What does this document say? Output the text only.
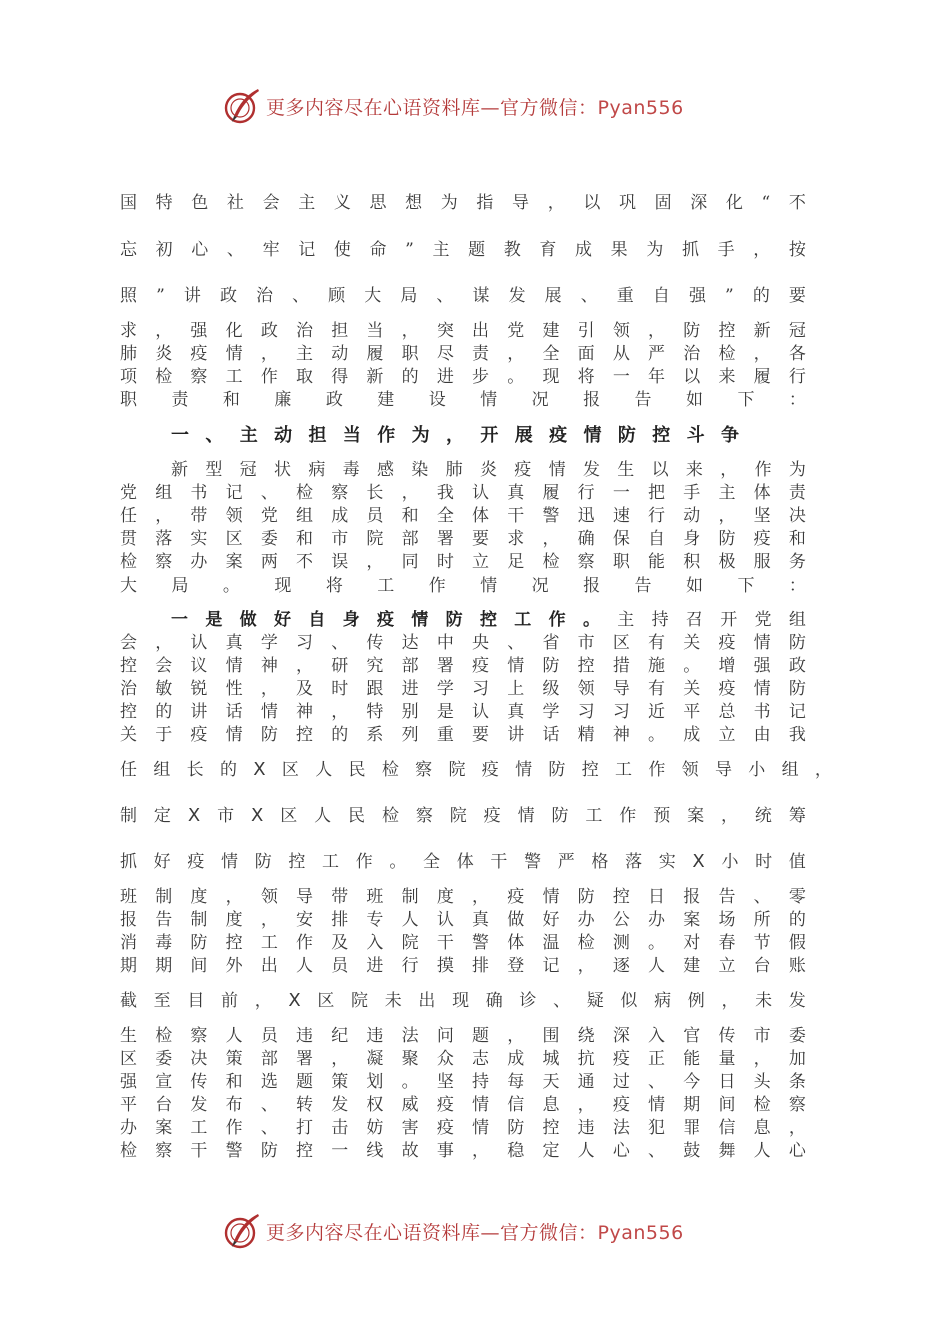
更多内容尽在心语资料库—官方微信：Pyan556
国 特 色 社 会 主 义 思 想 为 指 导 ， 以 巩 固 深 化 “ 不
忘 初 心 、 牢 记 使 命 ” 主 题 教 育 成 果 为 抓 手 ， 按
照 ” 讲 政 治 、 顾 大 局 、 谋 发 展 、 重 自 强 ” 的 要
求 ， 强 化 政 治 担 当 ， 突 出 党 建 引 领 ， 防 控 新 冠
肺 炎 疫 情 ， 主 动 履 职 尽 责 ， 全 面 从 严 治 检 ， 各
项 检 察 工 作 取 得 新 的 进 步 。 现 将 一 年 以 来 履 行
职 责 和 廉 政 建 设 情 况 报 告 如 下 ：
一 、 主 动 担 当 作 为 ， 开 展 疫 情 防 控 斗 争
新 型 冠 状 病 毒 感 染 肺 炎 疫 情 发 生 以 来 ， 作 为
党 组 书 记 、 检 察 长 ， 我 认 真 履 行 一 把 手 主 体 责
任 ， 带 领 党 组 成 员 和 全 体 干 警 迅 速 行 动 ， 坚 决
贯 落 实 区 委 和 市 院 部 署 要 求 ， 确 保 自 身 防 疫 和
检 察 办 案 两 不 误 ， 同 时 立 足 检 察 职 能 积 极 服 务
大 局 。 现 将 工 作 情 况 报 告 如 下 ：
一 是 做 好 自 身 疫 情 防 控 工 作 。 主 持 召 开 党 组
会 ， 认 真 学 习 、 传 达 中 央 、 省 市 区 有 关 疫 情 防
控 会 议 情 神 ， 研 究 部 署 疫 情 防 控 措 施 。 增 强 政
治 敏 锐 性 ， 及 时 跟 进 学 习 上 级 领 导 有 关 疫 情 防
控 的 讲 话 情 神 ， 特 别 是 认 真 学 习 习 近 平 总 书 记
关 于 疫 情 防 控 的 系 列 重 要 讲 话 精 神 。 成 立 由 我
任 组 长 的 X 区 人 民 检 察 院 疫 情 防 控 工 作 领 导 小 组 ，
制 定 X 市 X 区 人 民 检 察 院 疫 情 防 工 作 预 案 ， 统 筹
抓 好 疫 情 防 控 工 作 。 全 体 干 警 严 格 落 实 X 小 时 值
班 制 度 ， 领 导 带 班 制 度 ， 疫 情 防 控 日 报 告 、 零
报 告 制 度 ， 安 排 专 人 认 真 做 好 办 公 办 案 场 所 的
消 毒 防 控 工 作 及 入 院 干 警 体 温 检 测 。 对 春 节 假
期 期 间 外 出 人 员 进 行 摸 排 登 记 ， 逐 人 建 立 台 账
截 至 目 前 ， X 区 院 未 出 现 确 诊 、 疑 似 病 例 ， 未 发
生 检 察 人 员 违 纪 违 法 问 题 ， 围 绕 深 入 官 传 市 委
区 委 决 策 部 署 ， 凝 聚 众 志 成 城 抗 疫 正 能 量 ， 加
强 宣 传 和 选 题 策 划 。 坚 持 每 天 通 过 、 今 日 头 条
平 台 发 布 、 转 发 权 威 疫 情 信 息 ， 疫 情 期 间 检 察
办 案 工 作 、 打 击 妨 害 疫 情 防 控 违 法 犯 罪 信 息 ，
检 察 干 警 防 控 一 线 故 事 ， 稳 定 人 心 、 鼓 舞 人 心
更多内容尽在心语资料库—官方微信：Pyan556
